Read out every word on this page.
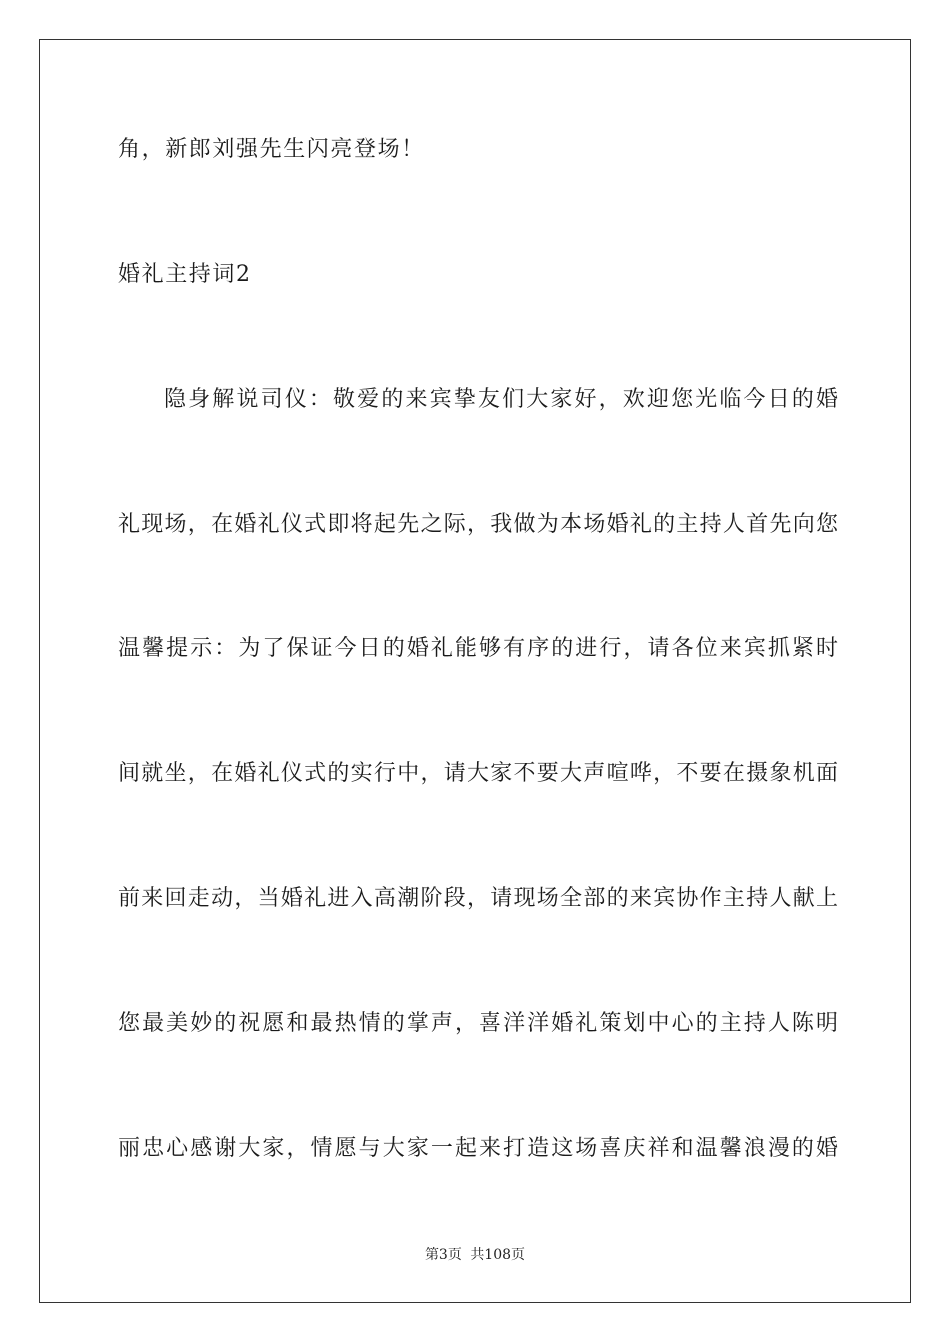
角，新郎刘强先生闪亮登场！
婚礼主持词2
隐身解说司仪：敬爱的来宾挚友们大家好，欢迎您光临今日的婚
礼现场，在婚礼仪式即将起先之际，我做为本场婚礼的主持人首先向您
温馨提示：为了保证今日的婚礼能够有序的进行，请各位来宾抓紧时
间就坐，在婚礼仪式的实行中，请大家不要大声喧哗，不要在摄象机面
前来回走动，当婚礼进入高潮阶段，请现场全部的来宾协作主持人献上
您最美妙的祝愿和最热情的掌声，喜洋洋婚礼策划中心的主持人陈明
丽忠心感谢大家，情愿与大家一起来打造这场喜庆祥和温馨浪漫的婚
第3页 共108页
